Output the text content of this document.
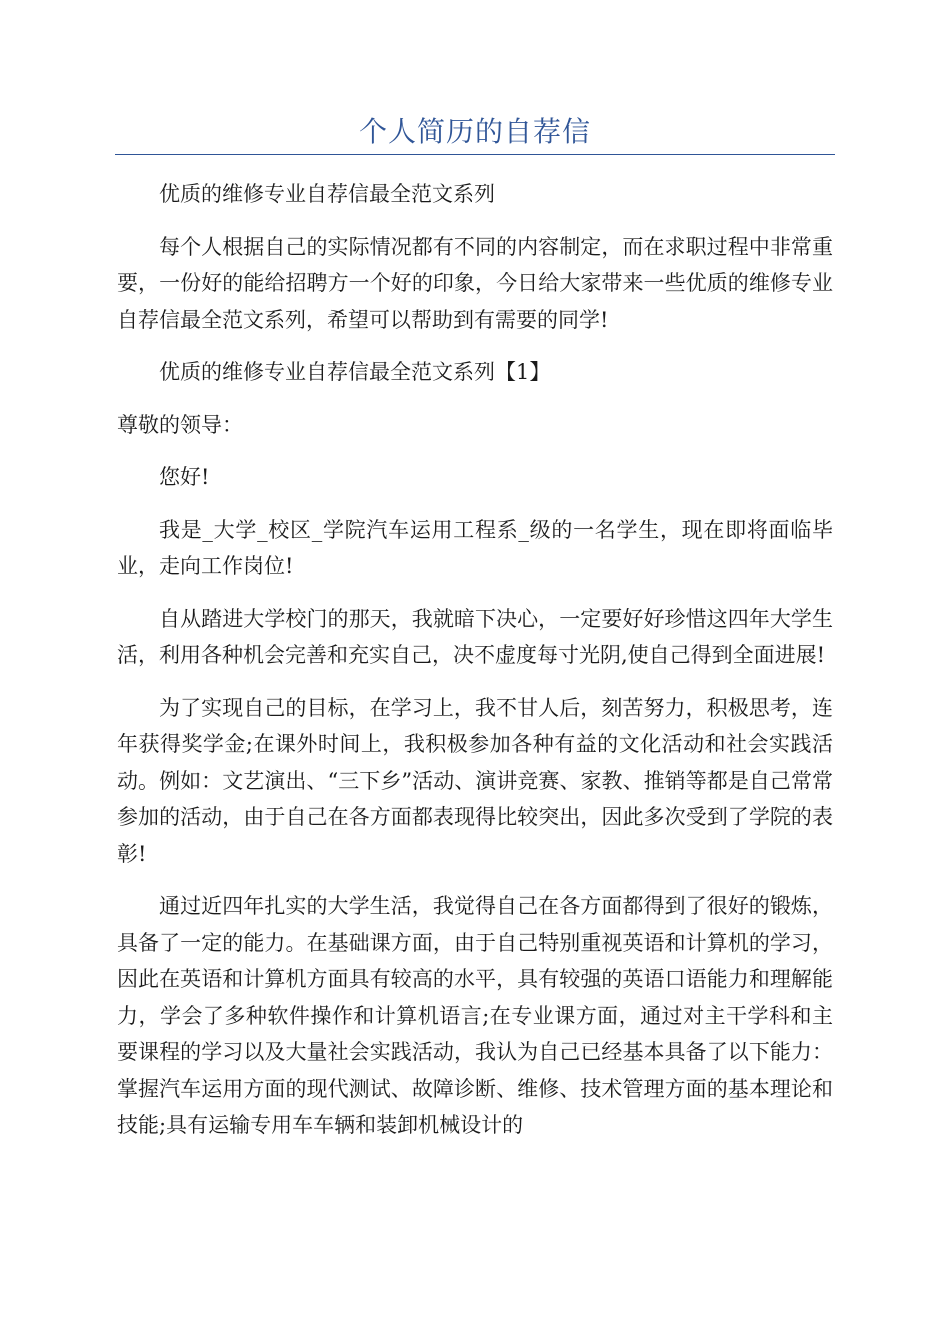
个人简历的自荐信

优质的维修专业自荐信最全范文系列

每个人根据自己的实际情况都有不同的内容制定，而在求职过程中非常重要，一份好的能给招聘方一个好的印象，今日给大家带来一些优质的维修专业自荐信最全范文系列，希望可以帮助到有需要的同学!

优质的维修专业自荐信最全范文系列【1】

尊敬的领导：

您好!

我是_大学_校区_学院汽车运用工程系_级的一名学生，现在即将面临毕业，走向工作岗位!

自从踏进大学校门的那天，我就暗下决心，一定要好好珍惜这四年大学生活，利用各种机会完善和充实自己，决不虚度每寸光阴,使自己得到全面进展!

为了实现自己的目标，在学习上，我不甘人后，刻苦努力，积极思考，连年获得奖学金;在课外时间上，我积极参加各种有益的文化活动和社会实践活动。例如：文艺演出、“三下乡”活动、演讲竞赛、家教、推销等都是自己常常参加的活动，由于自己在各方面都表现得比较突出，因此多次受到了学院的表彰!

通过近四年扎实的大学生活，我觉得自己在各方面都得到了很好的锻炼，具备了一定的能力。在基础课方面，由于自己特别重视英语和计算机的学习，因此在英语和计算机方面具有较高的水平，具有较强的英语口语能力和理解能力，学会了多种软件操作和计算机语言;在专业课方面，通过对主干学科和主要课程的学习以及大量社会实践活动，我认为自己已经基本具备了以下能力：掌握汽车运用方面的现代测试、故障诊断、维修、技术管理方面的基本理论和技能;具有运输专用车车辆和装卸机械设计的
